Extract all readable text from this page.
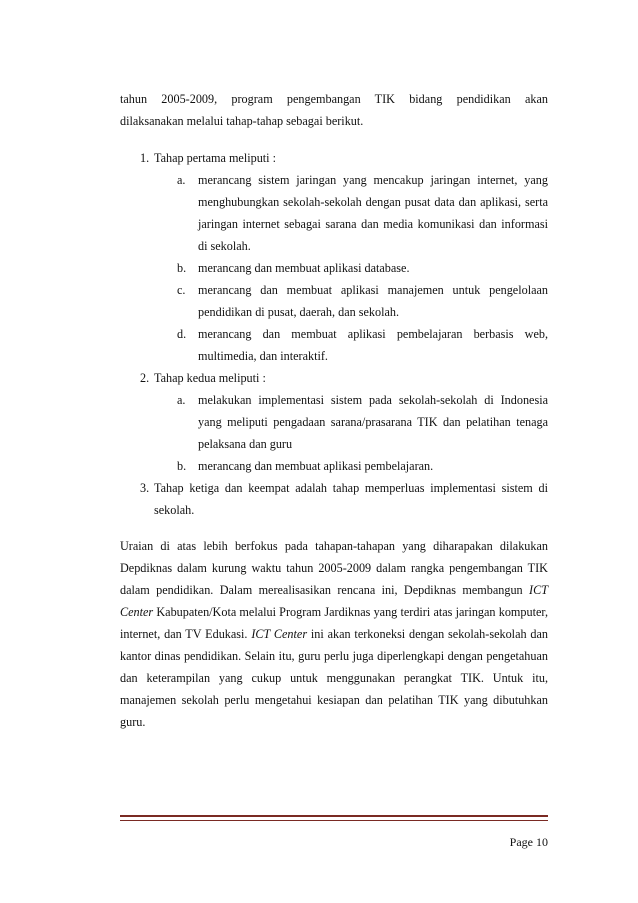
tahun 2005-2009, program pengembangan TIK bidang pendidikan akan

dilaksanakan melalui tahap-tahap sebagai berikut.

1. Tahap pertama meliputi :
a. merancang sistem jaringan yang mencakup jaringan internet, yang menghubungkan sekolah-sekolah dengan pusat data dan aplikasi, serta jaringan internet sebagai sarana dan media komunikasi dan informasi di sekolah.
b. merancang dan membuat aplikasi database.
c. merancang dan membuat aplikasi manajemen untuk pengelolaan pendidikan di pusat, daerah, dan sekolah.
d. merancang dan membuat aplikasi pembelajaran berbasis web, multimedia, dan interaktif.
2. Tahap kedua meliputi :
a. melakukan implementasi sistem pada sekolah-sekolah di Indonesia yang meliputi pengadaan sarana/prasarana TIK dan pelatihan tenaga pelaksana dan guru
b. merancang dan membuat aplikasi pembelajaran.
3. Tahap ketiga dan keempat adalah tahap memperluas implementasi sistem di sekolah.

Uraian di atas lebih berfokus pada tahapan-tahapan yang diharapakan dilakukan Depdiknas dalam kurung waktu tahun 2005-2009 dalam rangka pengembangan TIK dalam pendidikan. Dalam merealisasikan rencana ini, Depdiknas membangun ICT Center Kabupaten/Kota melalui Program Jardiknas yang terdiri atas jaringan komputer, internet, dan TV Edukasi. ICT Center ini akan terkoneksi dengan sekolah-sekolah dan kantor dinas pendidikan. Selain itu, guru perlu juga diperlengkapi dengan pengetahuan dan keterampilan yang cukup untuk menggunakan perangkat TIK. Untuk itu, manajemen sekolah perlu mengetahui kesiapan dan pelatihan TIK yang dibutuhkan guru.

Page 10
